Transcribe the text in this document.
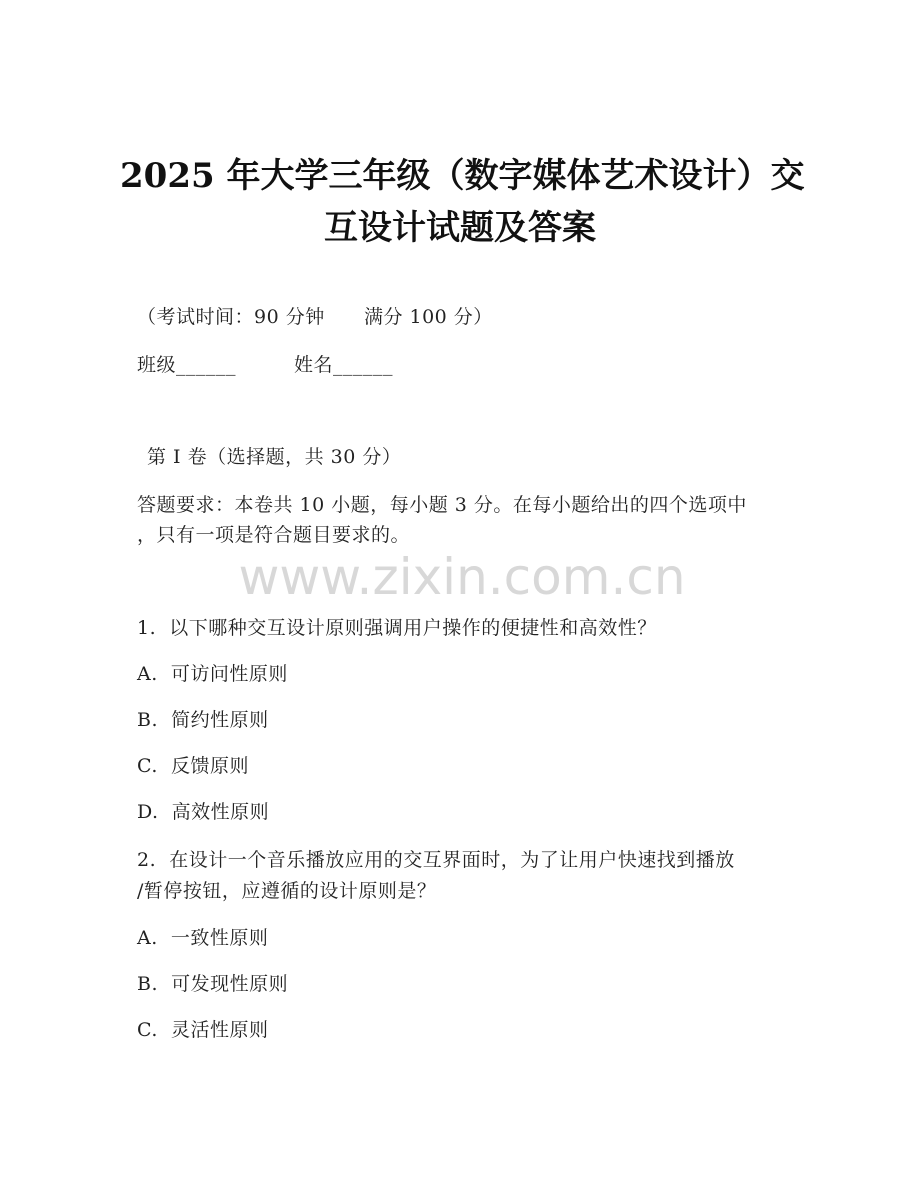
2025 年大学三年级（数字媒体艺术设计）交
互设计试题及答案
（考试时间：90 分钟      满分 100 分）
班级______	姓名______
第 I 卷（选择题，共 30 分）
答题要求：本卷共 10 小题，每小题 3 分。在每小题给出的四个选项中
，只有一项是符合题目要求的。
www.zixin.com.cn
1.  以下哪种交互设计原则强调用户操作的便捷性和高效性？
A.  可访问性原则
B.  简约性原则
C.  反馈原则
D.  高效性原则
2.  在设计一个音乐播放应用的交互界面时，为了让用户快速找到播放
/暂停按钮，应遵循的设计原则是？
A.  一致性原则
B.  可发现性原则
C.  灵活性原则
